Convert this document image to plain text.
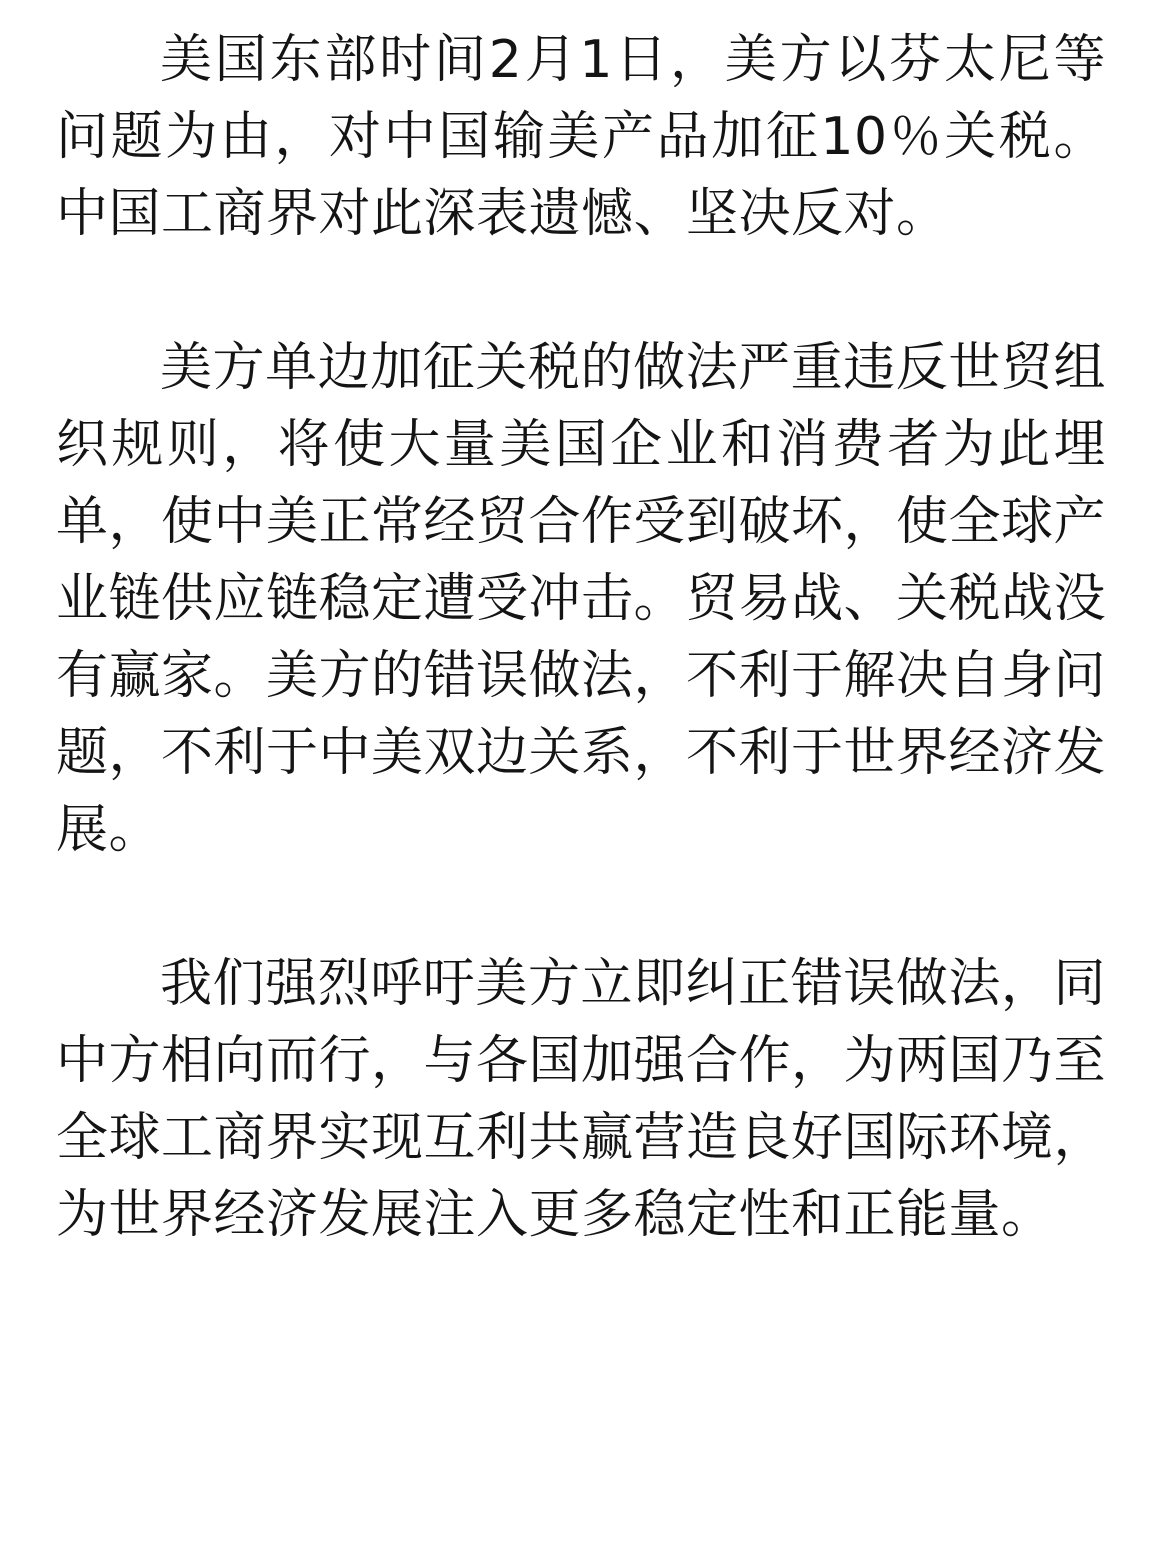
美国东部时间2月1日，美方以芬太尼等问题为由，对中国输美产品加征10％关税。中国工商界对此深表遗憾、坚决反对。

美方单边加征关税的做法严重违反世贸组织规则，将使大量美国企业和消费者为此埋单，使中美正常经贸合作受到破坏，使全球产业链供应链稳定遭受冲击。贸易战、关税战没有赢家。美方的错误做法，不利于解决自身问题，不利于中美双边关系，不利于世界经济发展。

我们强烈呼吁美方立即纠正错误做法，同中方相向而行，与各国加强合作，为两国乃至全球工商界实现互利共赢营造良好国际环境，为世界经济发展注入更多稳定性和正能量。
